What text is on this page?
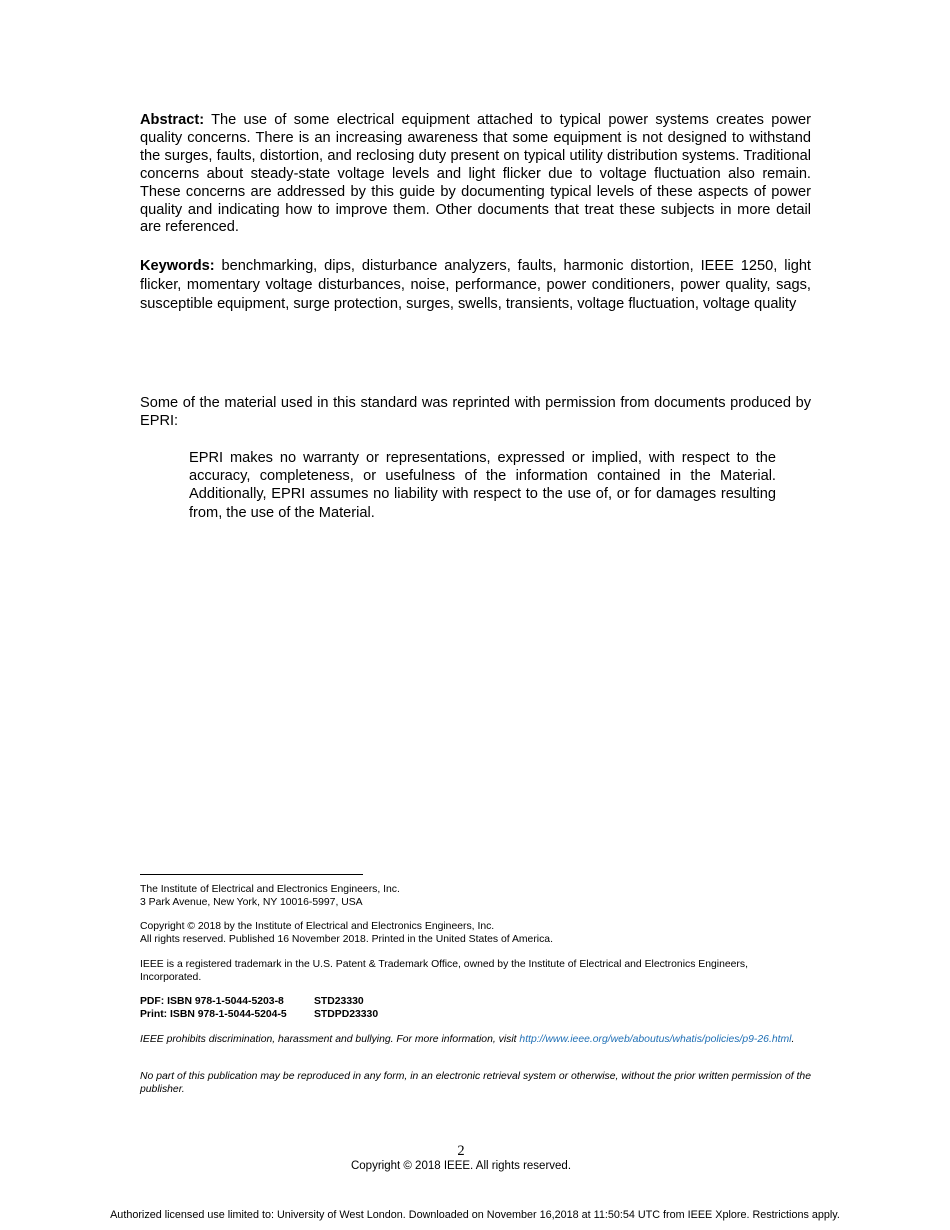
Abstract: The use of some electrical equipment attached to typical power systems creates power quality concerns. There is an increasing awareness that some equipment is not designed to withstand the surges, faults, distortion, and reclosing duty present on typical utility distribution systems. Traditional concerns about steady-state voltage levels and light flicker due to voltage fluctuation also remain. These concerns are addressed by this guide by documenting typical levels of these aspects of power quality and indicating how to improve them. Other documents that treat these subjects in more detail are referenced.

Keywords: benchmarking, dips, disturbance analyzers, faults, harmonic distortion, IEEE 1250, light flicker, momentary voltage disturbances, noise, performance, power conditioners, power quality, sags, susceptible equipment, surge protection, surges, swells, transients, voltage fluctuation, voltage quality

Some of the material used in this standard was reprinted with permission from documents produced by EPRI:

EPRI makes no warranty or representations, expressed or implied, with respect to the accuracy, completeness, or usefulness of the information contained in the Material. Additionally, EPRI assumes no liability with respect to the use of, or for damages resulting from, the use of the Material.

The Institute of Electrical and Electronics Engineers, Inc.
3 Park Avenue, New York, NY 10016-5997, USA
Copyright © 2018 by the Institute of Electrical and Electronics Engineers, Inc.
All rights reserved. Published 16 November 2018. Printed in the United States of America.
IEEE is a registered trademark in the U.S. Patent & Trademark Office, owned by the Institute of Electrical and Electronics Engineers, Incorporated.
PDF: ISBN 978-1-5044-5203-8	STD23330
Print: ISBN 978-1-5044-5204-5	STDPD23330
IEEE prohibits discrimination, harassment and bullying. For more information, visit http://www.ieee.org/web/aboutus/whatis/policies/p9-26.html.
No part of this publication may be reproduced in any form, in an electronic retrieval system or otherwise, without the prior written permission of the publisher.
2
Copyright © 2018 IEEE. All rights reserved.
Authorized licensed use limited to: University of West London. Downloaded on November 16,2018 at 11:50:54 UTC from IEEE Xplore. Restrictions apply.
